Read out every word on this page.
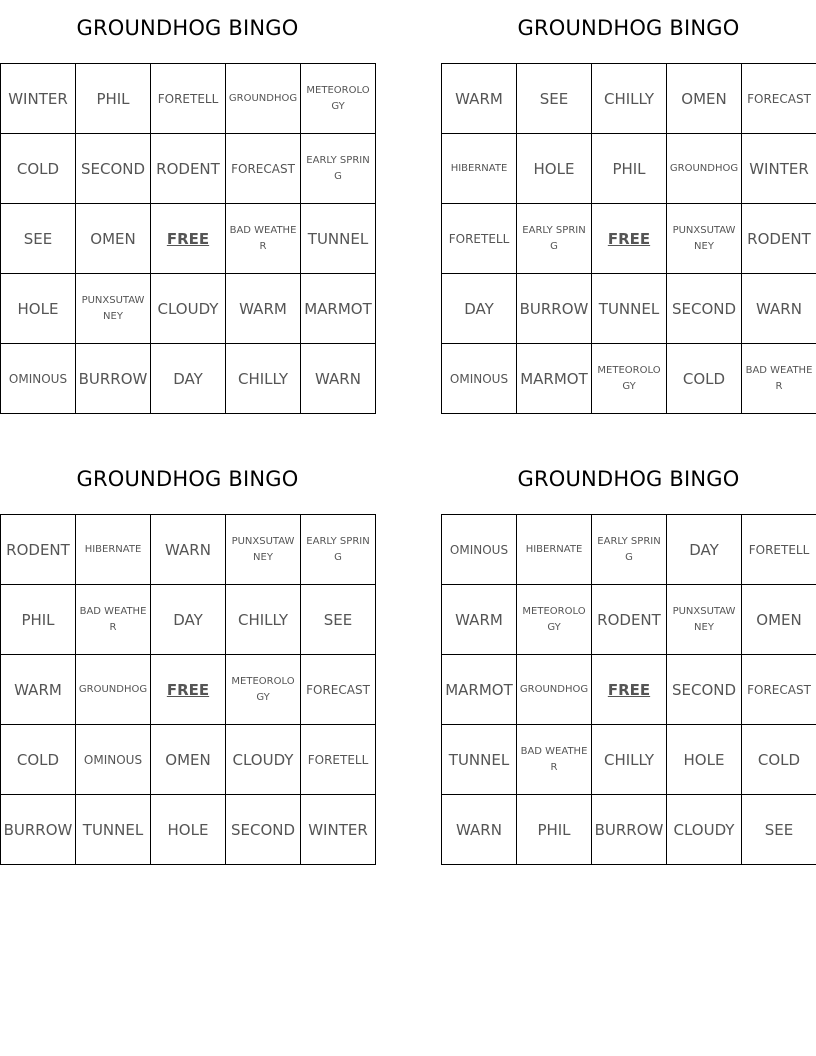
GROUNDHOG BINGO
WINTER	PHIL	FORETELL	GROUNDHOG	METEOROLOGY
COLD	SECOND	RODENT	FORECAST	EARLY SPRING
SEE	OMEN	FREE	BAD WEATHER	TUNNEL
HOLE	PUNXSUTAWNEY	CLOUDY	WARM	MARMOT
OMINOUS	BURROW	DAY	CHILLY	WARN
GROUNDHOG BINGO
WARM	SEE	CHILLY	OMEN	FORECAST
HIBERNATE	HOLE	PHIL	GROUNDHOG	WINTER
FORETELL	EARLY SPRING	FREE	PUNXSUTAWNEY	RODENT
DAY	BURROW	TUNNEL	SECOND	WARN
OMINOUS	MARMOT	METEOROLOGY	COLD	BAD WEATHER
GROUNDHOG BINGO
RODENT	HIBERNATE	WARN	PUNXSUTAWNEY	EARLY SPRING
PHIL	BAD WEATHER	DAY	CHILLY	SEE
WARM	GROUNDHOG	FREE	METEOROLOGY	FORECAST
COLD	OMINOUS	OMEN	CLOUDY	FORETELL
BURROW	TUNNEL	HOLE	SECOND	WINTER
GROUNDHOG BINGO
OMINOUS	HIBERNATE	EARLY SPRING	DAY	FORETELL
WARM	METEOROLOGY	RODENT	PUNXSUTAWNEY	OMEN
MARMOT	GROUNDHOG	FREE	SECOND	FORECAST
TUNNEL	BAD WEATHER	CHILLY	HOLE	COLD
WARN	PHIL	BURROW	CLOUDY	SEE
